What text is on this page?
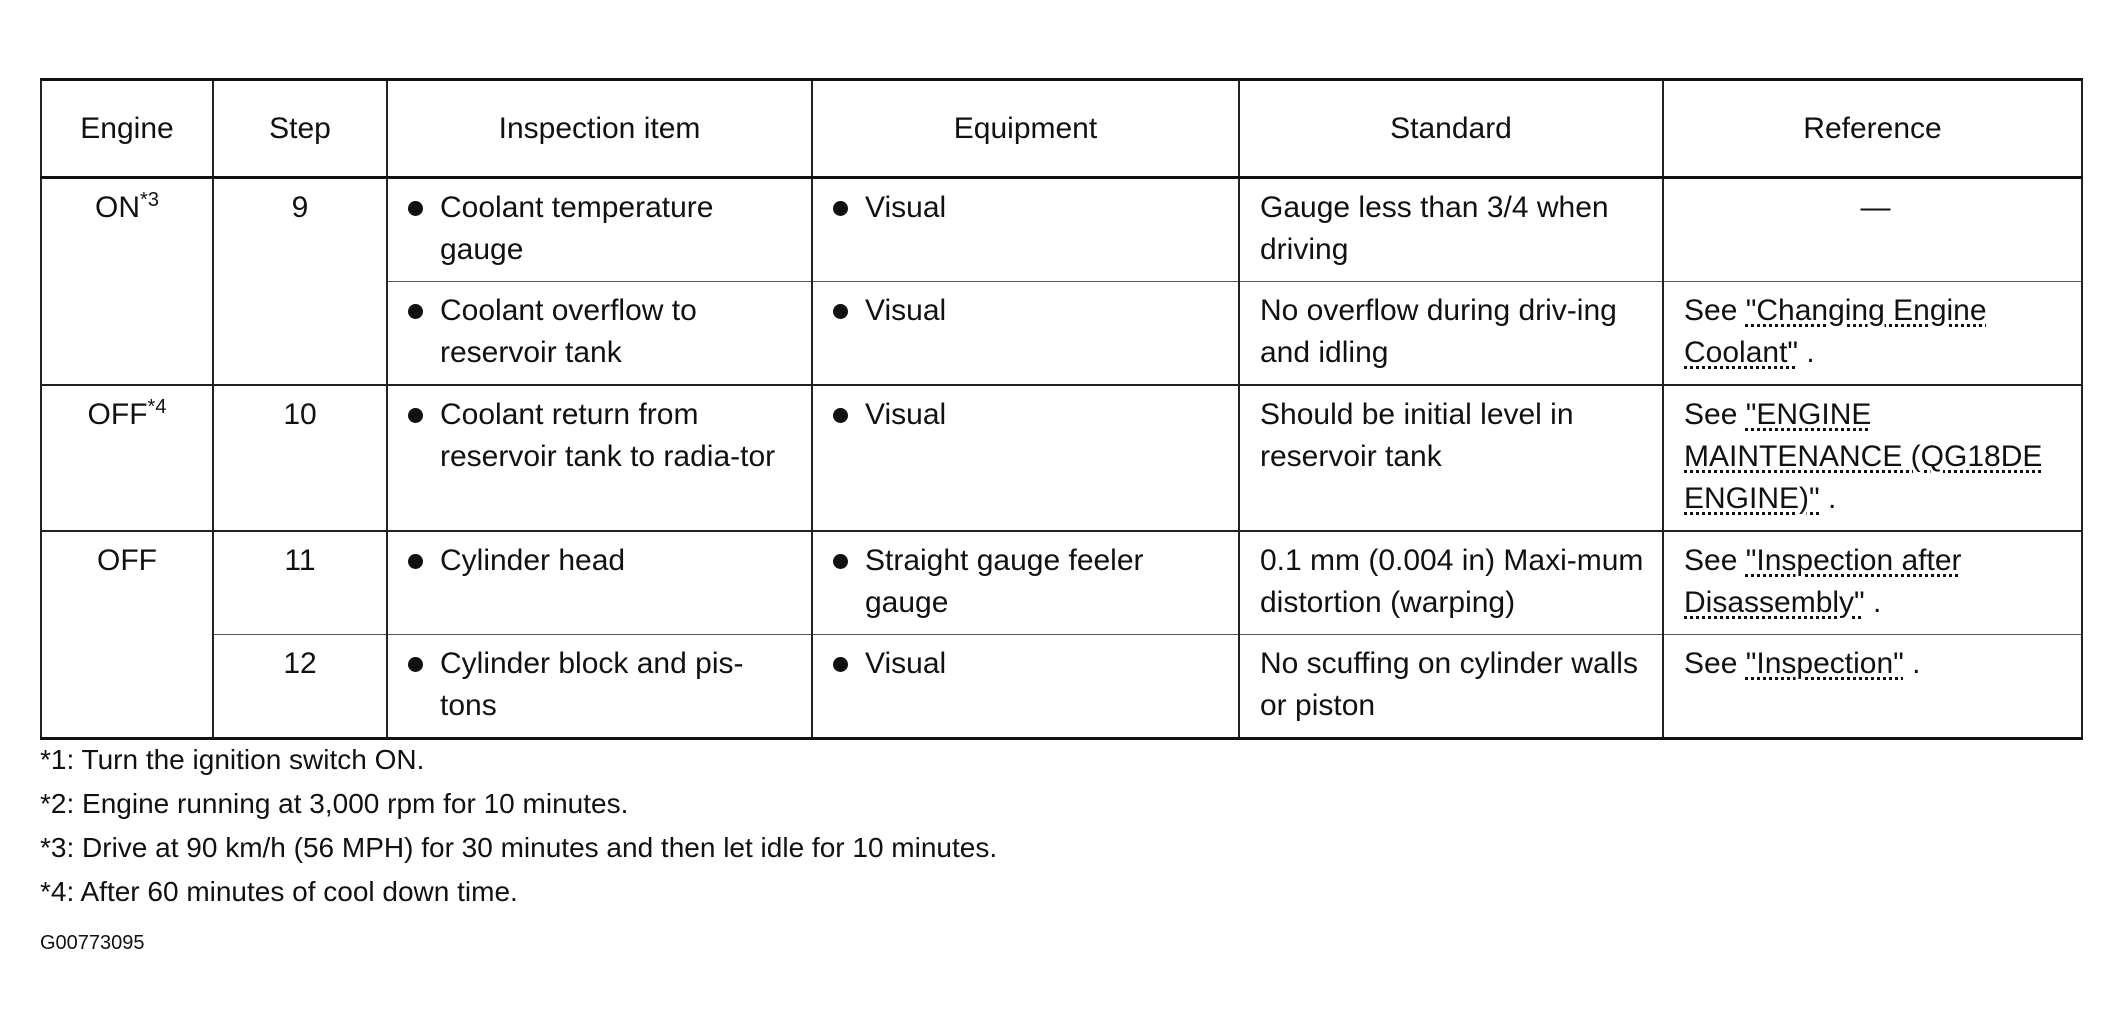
Engine	Step	Inspection item	Equipment	Standard	Reference
ON$^{*3}$	9	Coolant temperature gauge	Visual	Gauge less than 3/4 when driving	—

		Coolant overflow to reservoir tank	Visual	No overflow during driv-ing and idling	See "Changing Engine Coolant" .
OFF$^{*4}$	10	Coolant return from reservoir tank to radia-tor	Visual	Should be initial level in reservoir tank	See "ENGINE MAINTENANCE (QG18DE ENGINE)" .
OFF	11	Cylinder head	Straight gauge feeler gauge	0.1 mm (0.004 in) Maxi-mum distortion (warping)	See "Inspection after Disassembly" .
	12	Cylinder block and pis-tons	Visual	No scuffing on cylinder walls or piston	See "Inspection" .
*1: Turn the ignition switch ON.
*2: Engine running at 3,000 rpm for 10 minutes.
*3: Drive at 90 km/h (56 MPH) for 30 minutes and then let idle for 10 minutes.
*4: After 60 minutes of cool down time.
G00773095
